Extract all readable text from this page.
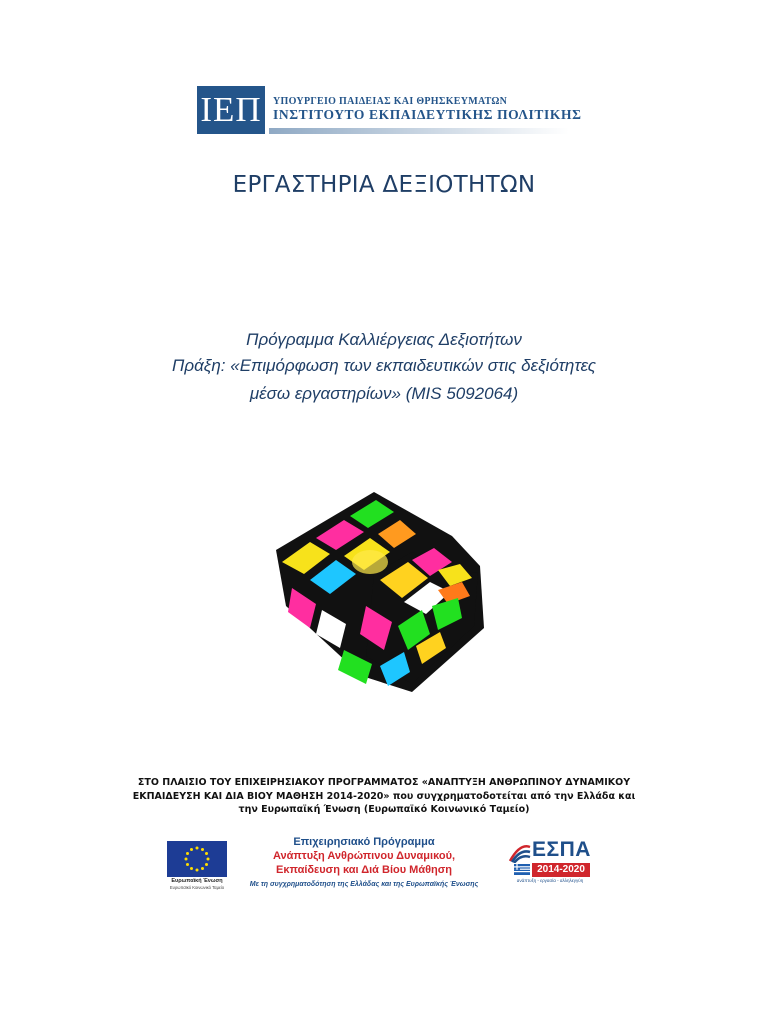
ΙΕΠ	ΥΠΟΥΡΓΕΙΟ ΠΑΙΔΕΙΑΣ ΚΑΙ ΘΡΗΣΚΕΥΜΑΤΩΝ
ΙΝΣΤΙΤΟΥΤΟ ΕΚΠΑΙΔΕΥΤΙΚΗΣ ΠΟΛΙΤΙΚΗΣ
ΕΡΓΑΣΤΗΡΙΑ ΔΕΞΙΟΤΗΤΩΝ
Πρόγραμμα Καλλιέργειας Δεξιοτήτων
Πράξη: «Επιμόρφωση των εκπαιδευτικών στις δεξιότητες
μέσω εργαστηρίων» (MIS 5092064)
ΣΤΟ ΠΛΑΙΣΙΟ ΤΟΥ ΕΠΙΧΕΙΡΗΣΙΑΚΟΥ ΠΡΟΓΡΑΜΜΑΤΟΣ «ΑΝΑΠΤΥΞΗ ΑΝΘΡΩΠΙΝΟΥ ΔΥΝΑΜΙΚΟΥ
ΕΚΠΑΙΔΕΥΣΗ ΚΑΙ ΔΙΑ ΒΙΟΥ ΜΑΘΗΣΗ 2014-2020» που συγχρηματοδοτείται από την Ελλάδα και
την Ευρωπαϊκή Ένωση (Ευρωπαϊκό Κοινωνικό Ταμείο)
Ευρωπαϊκή Ένωση
Ευρωπαϊκό Κοινωνικό Ταμείο
Επιχειρησιακό Πρόγραμμα
Ανάπτυξη Ανθρώπινου Δυναμικού,
Εκπαίδευση και Διά Βίου Μάθηση
Με τη συγχρηματοδότηση της Ελλάδας και της Ευρωπαϊκής Ένωσης
ΕΣΠΑ
2014-2020
ανάπτυξη - εργασία - αλληλεγγύη
